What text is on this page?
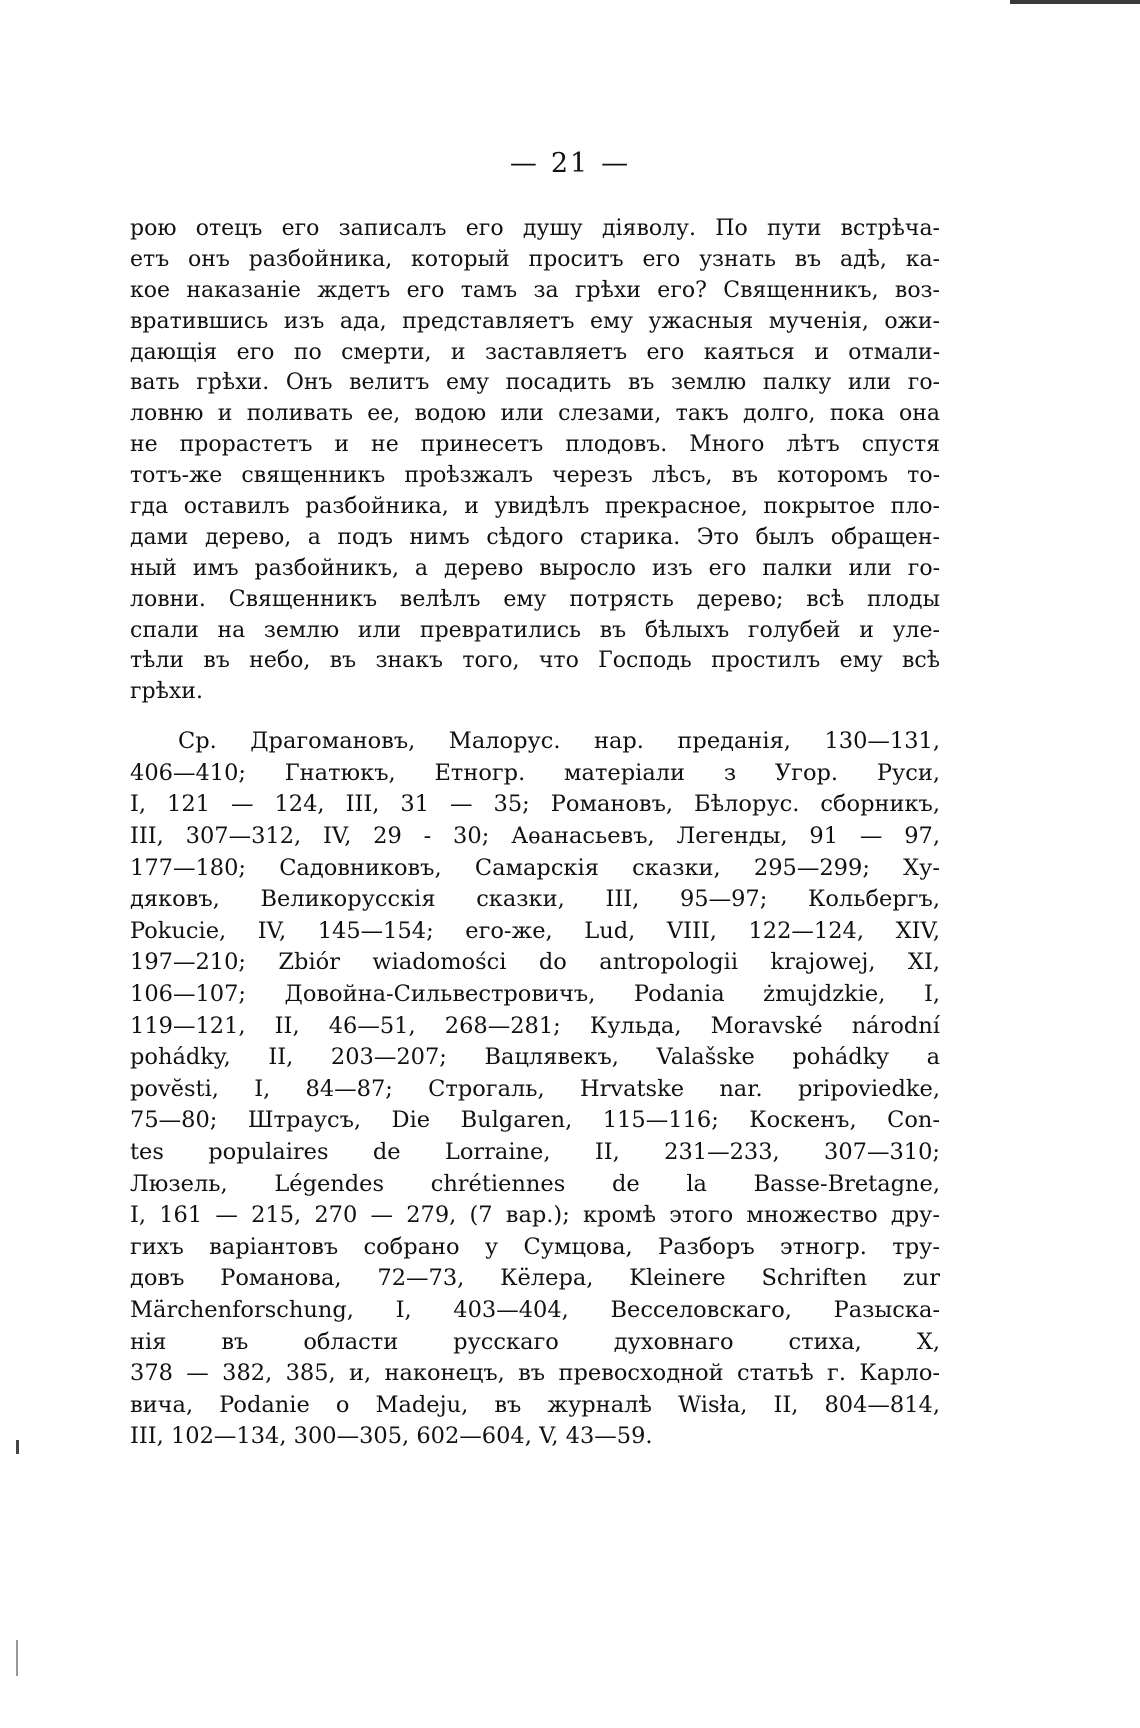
— 21 —
рою отецъ его записалъ его душу діяволу. По пути встрѣча-
етъ онъ разбойника, который проситъ его узнать въ адѣ, ка-
кое наказаніе ждетъ его тамъ за грѣхи его? Священникъ, воз-
вратившись изъ ада, представляетъ ему ужасныя мученія, ожи-
дающія его по смерти, и заставляетъ его каяться и отмали-
вать грѣхи. Онъ велитъ ему посадить въ землю палку или го-
ловню и поливать ее, водою или слезами, такъ долго, пока она
не прорастетъ и не принесетъ плодовъ. Много лѣтъ спустя
тотъ-же священникъ проѣзжалъ черезъ лѣсъ, въ которомъ то-
гда оставилъ разбойника, и увидѣлъ прекрасное, покрытое пло-
дами дерево, а подъ нимъ сѣдого старика. Это былъ обращен-
ный имъ разбойникъ, а дерево выросло изъ его палки или го-
ловни. Священникъ велѣлъ ему потрясть дерево; всѣ плоды
спали на землю или превратились въ бѣлыхъ голубей и уле-
тѣли въ небо, въ знакъ того, что Господь простилъ ему всѣ
грѣхи.
Ср. Драгомановъ, Малорус. нар. преданія, 130—131,
406—410; Гнатюкъ, Етногр. матеріали з Угор. Руси,
I, 121 — 124, III, 31 — 35; Романовъ, Бѣлорус. сборникъ,
III, 307—312, IV, 29 - 30; Аѳанасьевъ, Легенды, 91 — 97,
177—180; Садовниковъ, Самарскія сказки, 295—299; Ху-
дяковъ, Великорусскія сказки, III, 95—97; Кольбергъ,
Pokucie, IV, 145—154; его-же, Lud, VIII, 122—124, XIV,
197—210; Zbiór wiadomości do antropologii krajowej, XI,
106—107; Довойна-Сильвестровичъ, Podania żmujdzkie, I,
119—121, II, 46—51, 268—281; Кульда, Moravské národní
pohádky, II, 203—207; Вацлявекъ, Valašske pohádky a
povĕsti, I, 84—87; Строгаль, Hrvatske nar. pripoviedke,
75—80; Штраусъ, Die Bulgaren, 115—116; Коскенъ, Con-
tes populaires de Lorraine, II, 231—233, 307—310;
Люзель, Légendes chrétiennes de la Basse-Bretagne,
I, 161 — 215, 270 — 279, (7 вар.); кромѣ этого множество дру-
гихъ варіантовъ собрано у Сумцова, Разборъ этногр. тру-
довъ Романова, 72—73, Кёлера, Kleinere Schriften zur
Märchenforschung, I, 403—404, Весселовскаго, Разыска-
нія въ области русскаго духовнаго стиха, X,
378 — 382, 385, и, наконецъ, въ превосходной статьѣ г. Карло-
вича, Podanie o Madeju, въ журналѣ Wisła, II, 804—814,
III, 102—134, 300—305, 602—604, V, 43—59.
